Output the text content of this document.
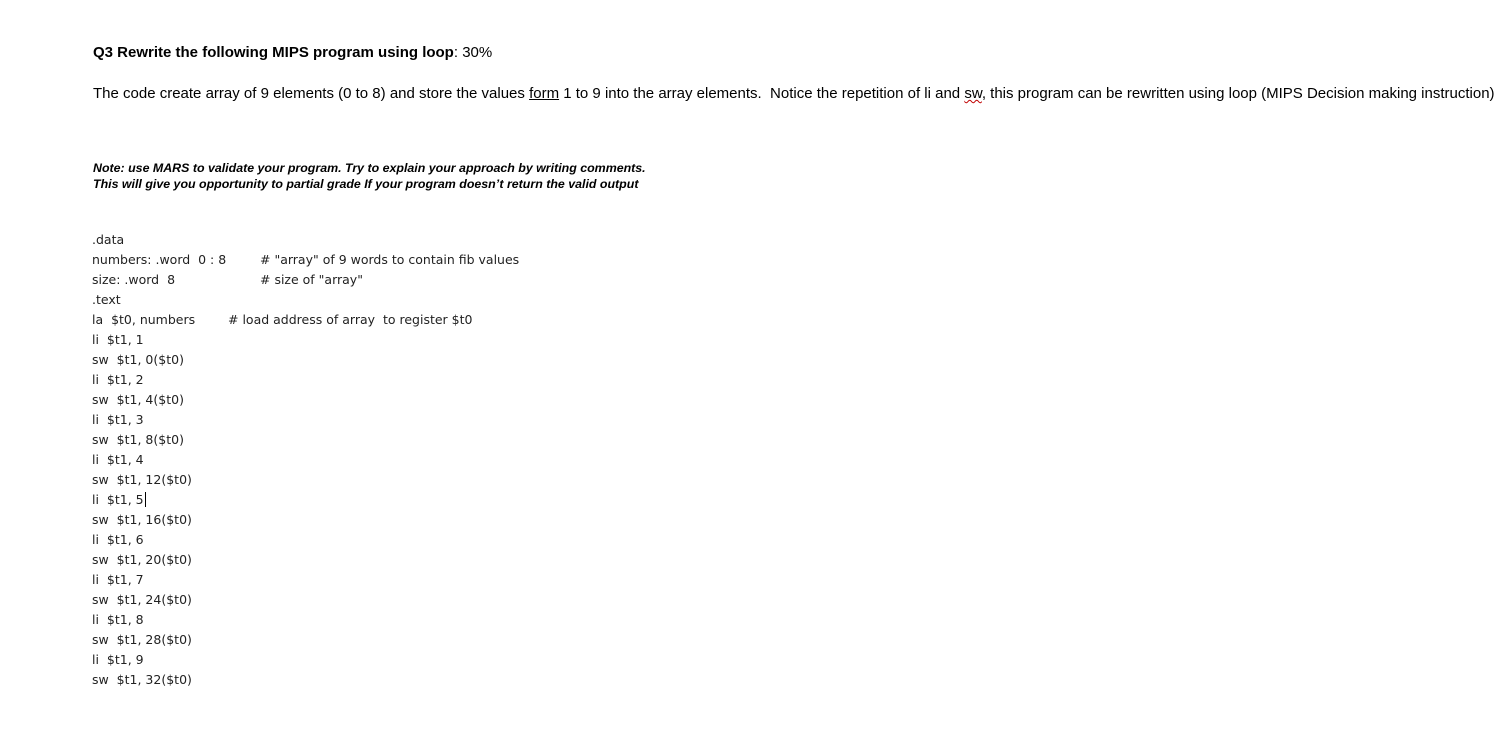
Q3 Rewrite the following MIPS program using loop: 30%
The code create array of 9 elements (0 to 8) and store the values form 1 to 9 into the array elements.  Notice the repetition of li and sw, this program can be rewritten using loop (MIPS Decision making instruction)
Note: use MARS to validate your program. Try to explain your approach by writing comments.
This will give you opportunity to partial grade If your program doesn’t return the valid output
.data
numbers: .word  0 : 8	# "array" of 9 words to contain fib values
size: .word  8	# size of "array"
.text
la  $t0, numbers	# load address of array  to register $t0
li  $t1, 1
sw  $t1, 0($t0)
li  $t1, 2
sw  $t1, 4($t0)
li  $t1, 3
sw  $t1, 8($t0)
li  $t1, 4
sw  $t1, 12($t0)
li  $t1, 5
sw  $t1, 16($t0)
li  $t1, 6
sw  $t1, 20($t0)
li  $t1, 7
sw  $t1, 24($t0)
li  $t1, 8
sw  $t1, 28($t0)
li  $t1, 9
sw  $t1, 32($t0)
